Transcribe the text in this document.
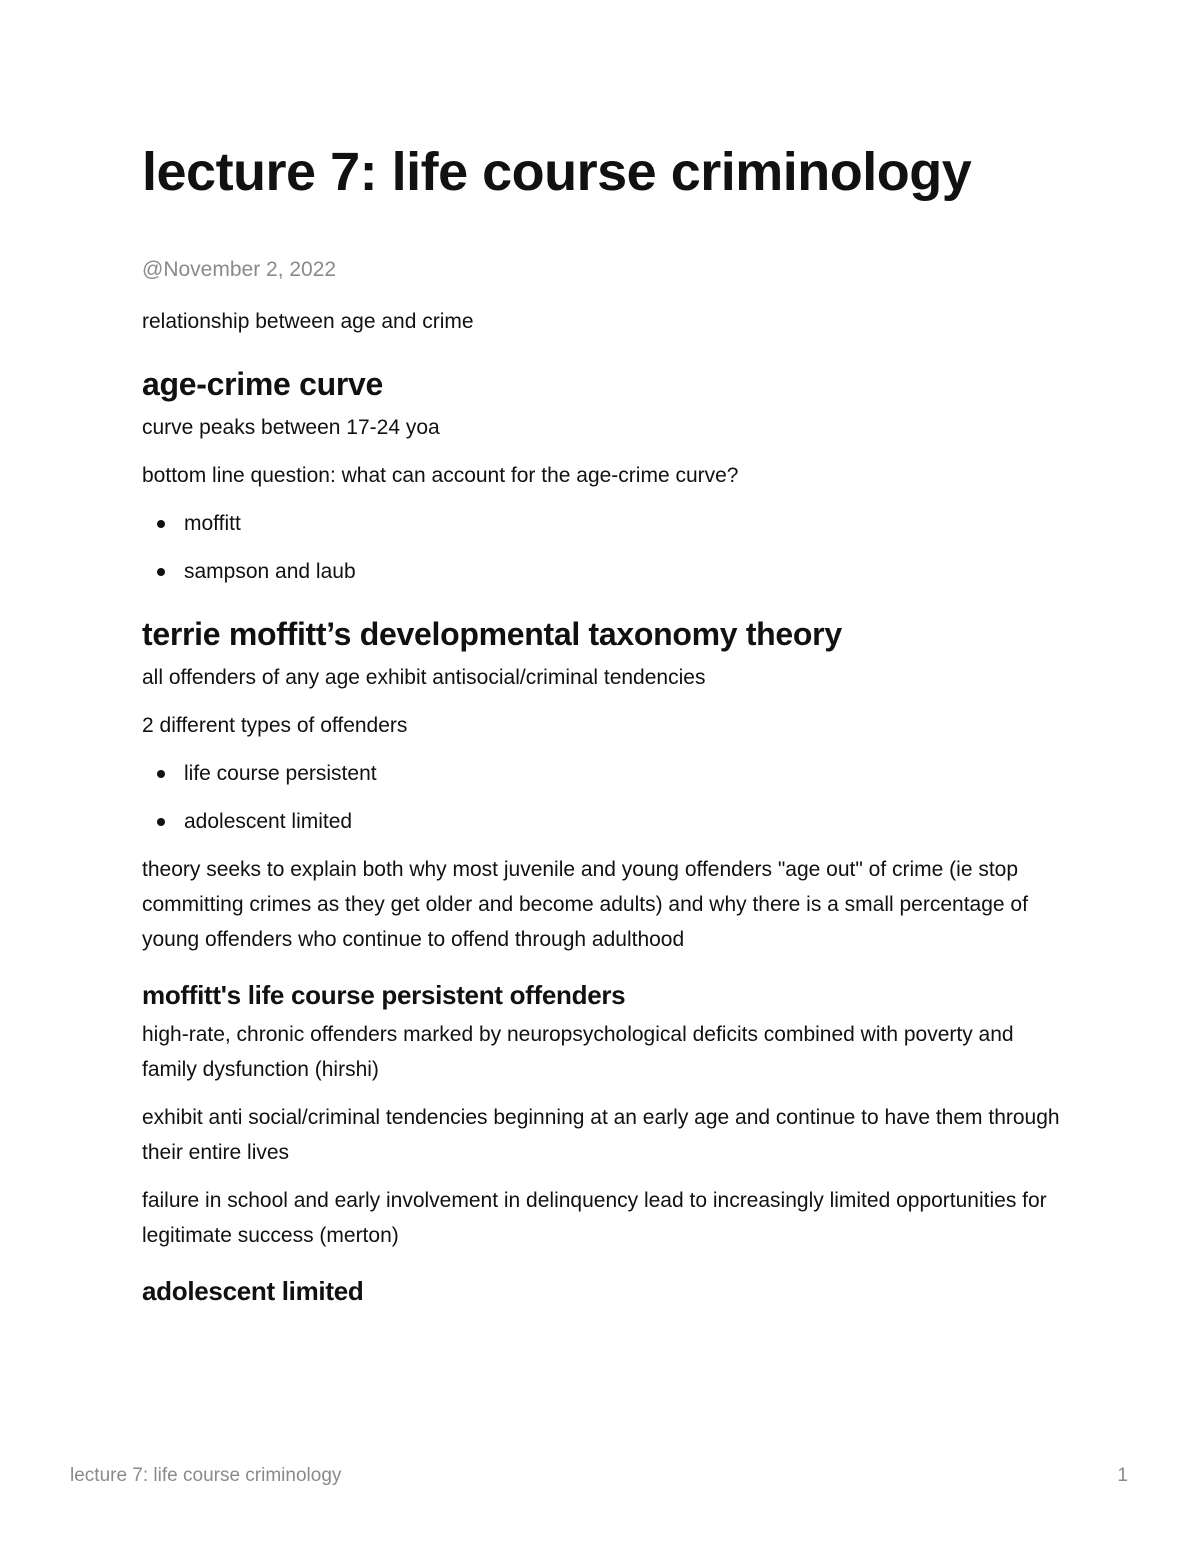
lecture 7: life course criminology
@November 2, 2022

relationship between age and crime

age-crime curve

curve peaks between 17-24 yoa

bottom line question: what can account for the age-crime curve?

moffitt
sampson and laub
terrie moffitt’s developmental taxonomy theory

all offenders of any age exhibit antisocial/criminal tendencies

2 different types of offenders

life course persistent
adolescent limited

theory seeks to explain both why most juvenile and young offenders "age out" of crime (ie stop committing crimes as they get older and become adults) and why there is a small percentage of young offenders who continue to offend through adulthood

moffitt's life course persistent offenders

high-rate, chronic offenders marked by neuropsychological deficits combined with poverty and family dysfunction (hirshi)

exhibit anti social/criminal tendencies beginning at an early age and continue to have them through their entire lives

failure in school and early involvement in delinquency lead to increasingly limited opportunities for legitimate success (merton)

adolescent limited
lecture 7: life course criminology	1
